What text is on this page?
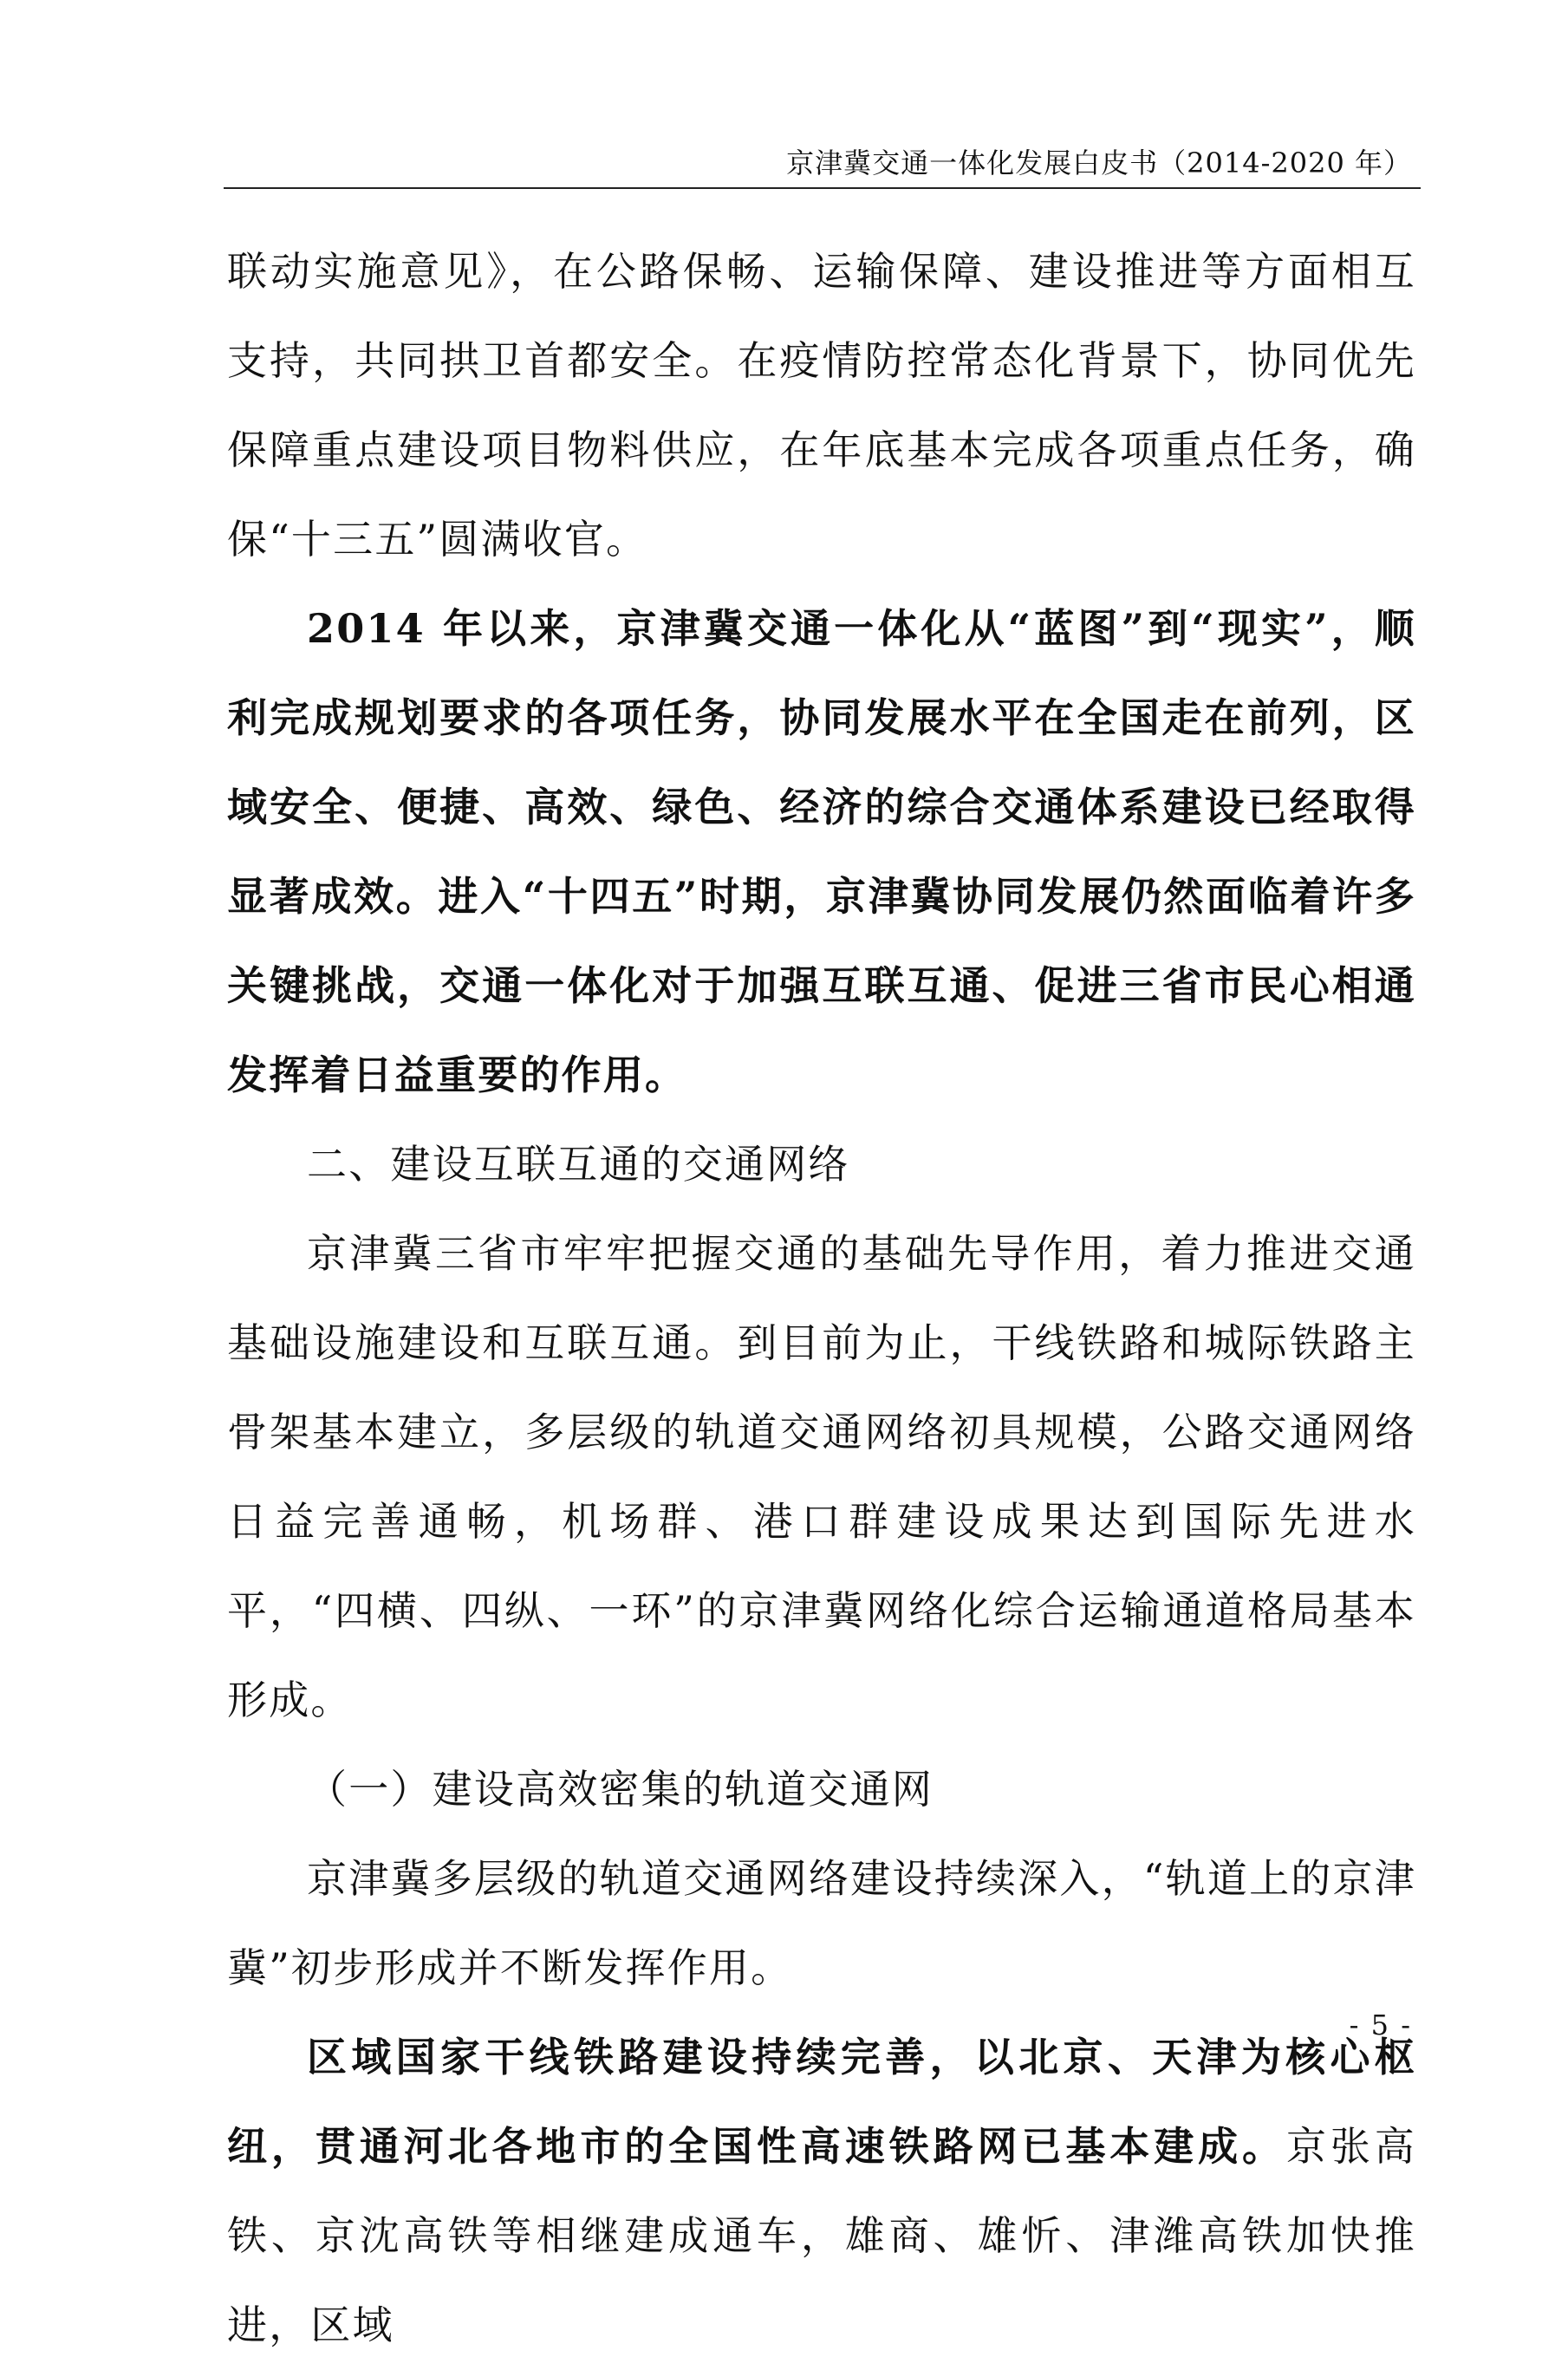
京津冀交通一体化发展白皮书（2014-2020 年）

联动实施意见》，在公路保畅、运输保障、建设推进等方面相互支持，共同拱卫首都安全。在疫情防控常态化背景下，协同优先保障重点建设项目物料供应，在年底基本完成各项重点任务，确保“十三五”圆满收官。

2014 年以来，京津冀交通一体化从“蓝图”到“现实”，顺利完成规划要求的各项任务，协同发展水平在全国走在前列，区域安全、便捷、高效、绿色、经济的综合交通体系建设已经取得显著成效。进入“十四五”时期，京津冀协同发展仍然面临着许多关键挑战，交通一体化对于加强互联互通、促进三省市民心相通发挥着日益重要的作用。

二、建设互联互通的交通网络

京津冀三省市牢牢把握交通的基础先导作用，着力推进交通基础设施建设和互联互通。到目前为止，干线铁路和城际铁路主骨架基本建立，多层级的轨道交通网络初具规模，公路交通网络日益完善通畅，机场群、港口群建设成果达到国际先进水平，“四横、四纵、一环”的京津冀网络化综合运输通道格局基本形成。

（一）建设高效密集的轨道交通网

京津冀多层级的轨道交通网络建设持续深入，“轨道上的京津冀”初步形成并不断发挥作用。

区域国家干线铁路建设持续完善，以北京、天津为核心枢纽，贯通河北各地市的全国性高速铁路网已基本建成。京张高铁、京沈高铁等相继建成通车，雄商、雄忻、津潍高铁加快推进，区域

- 5 -
